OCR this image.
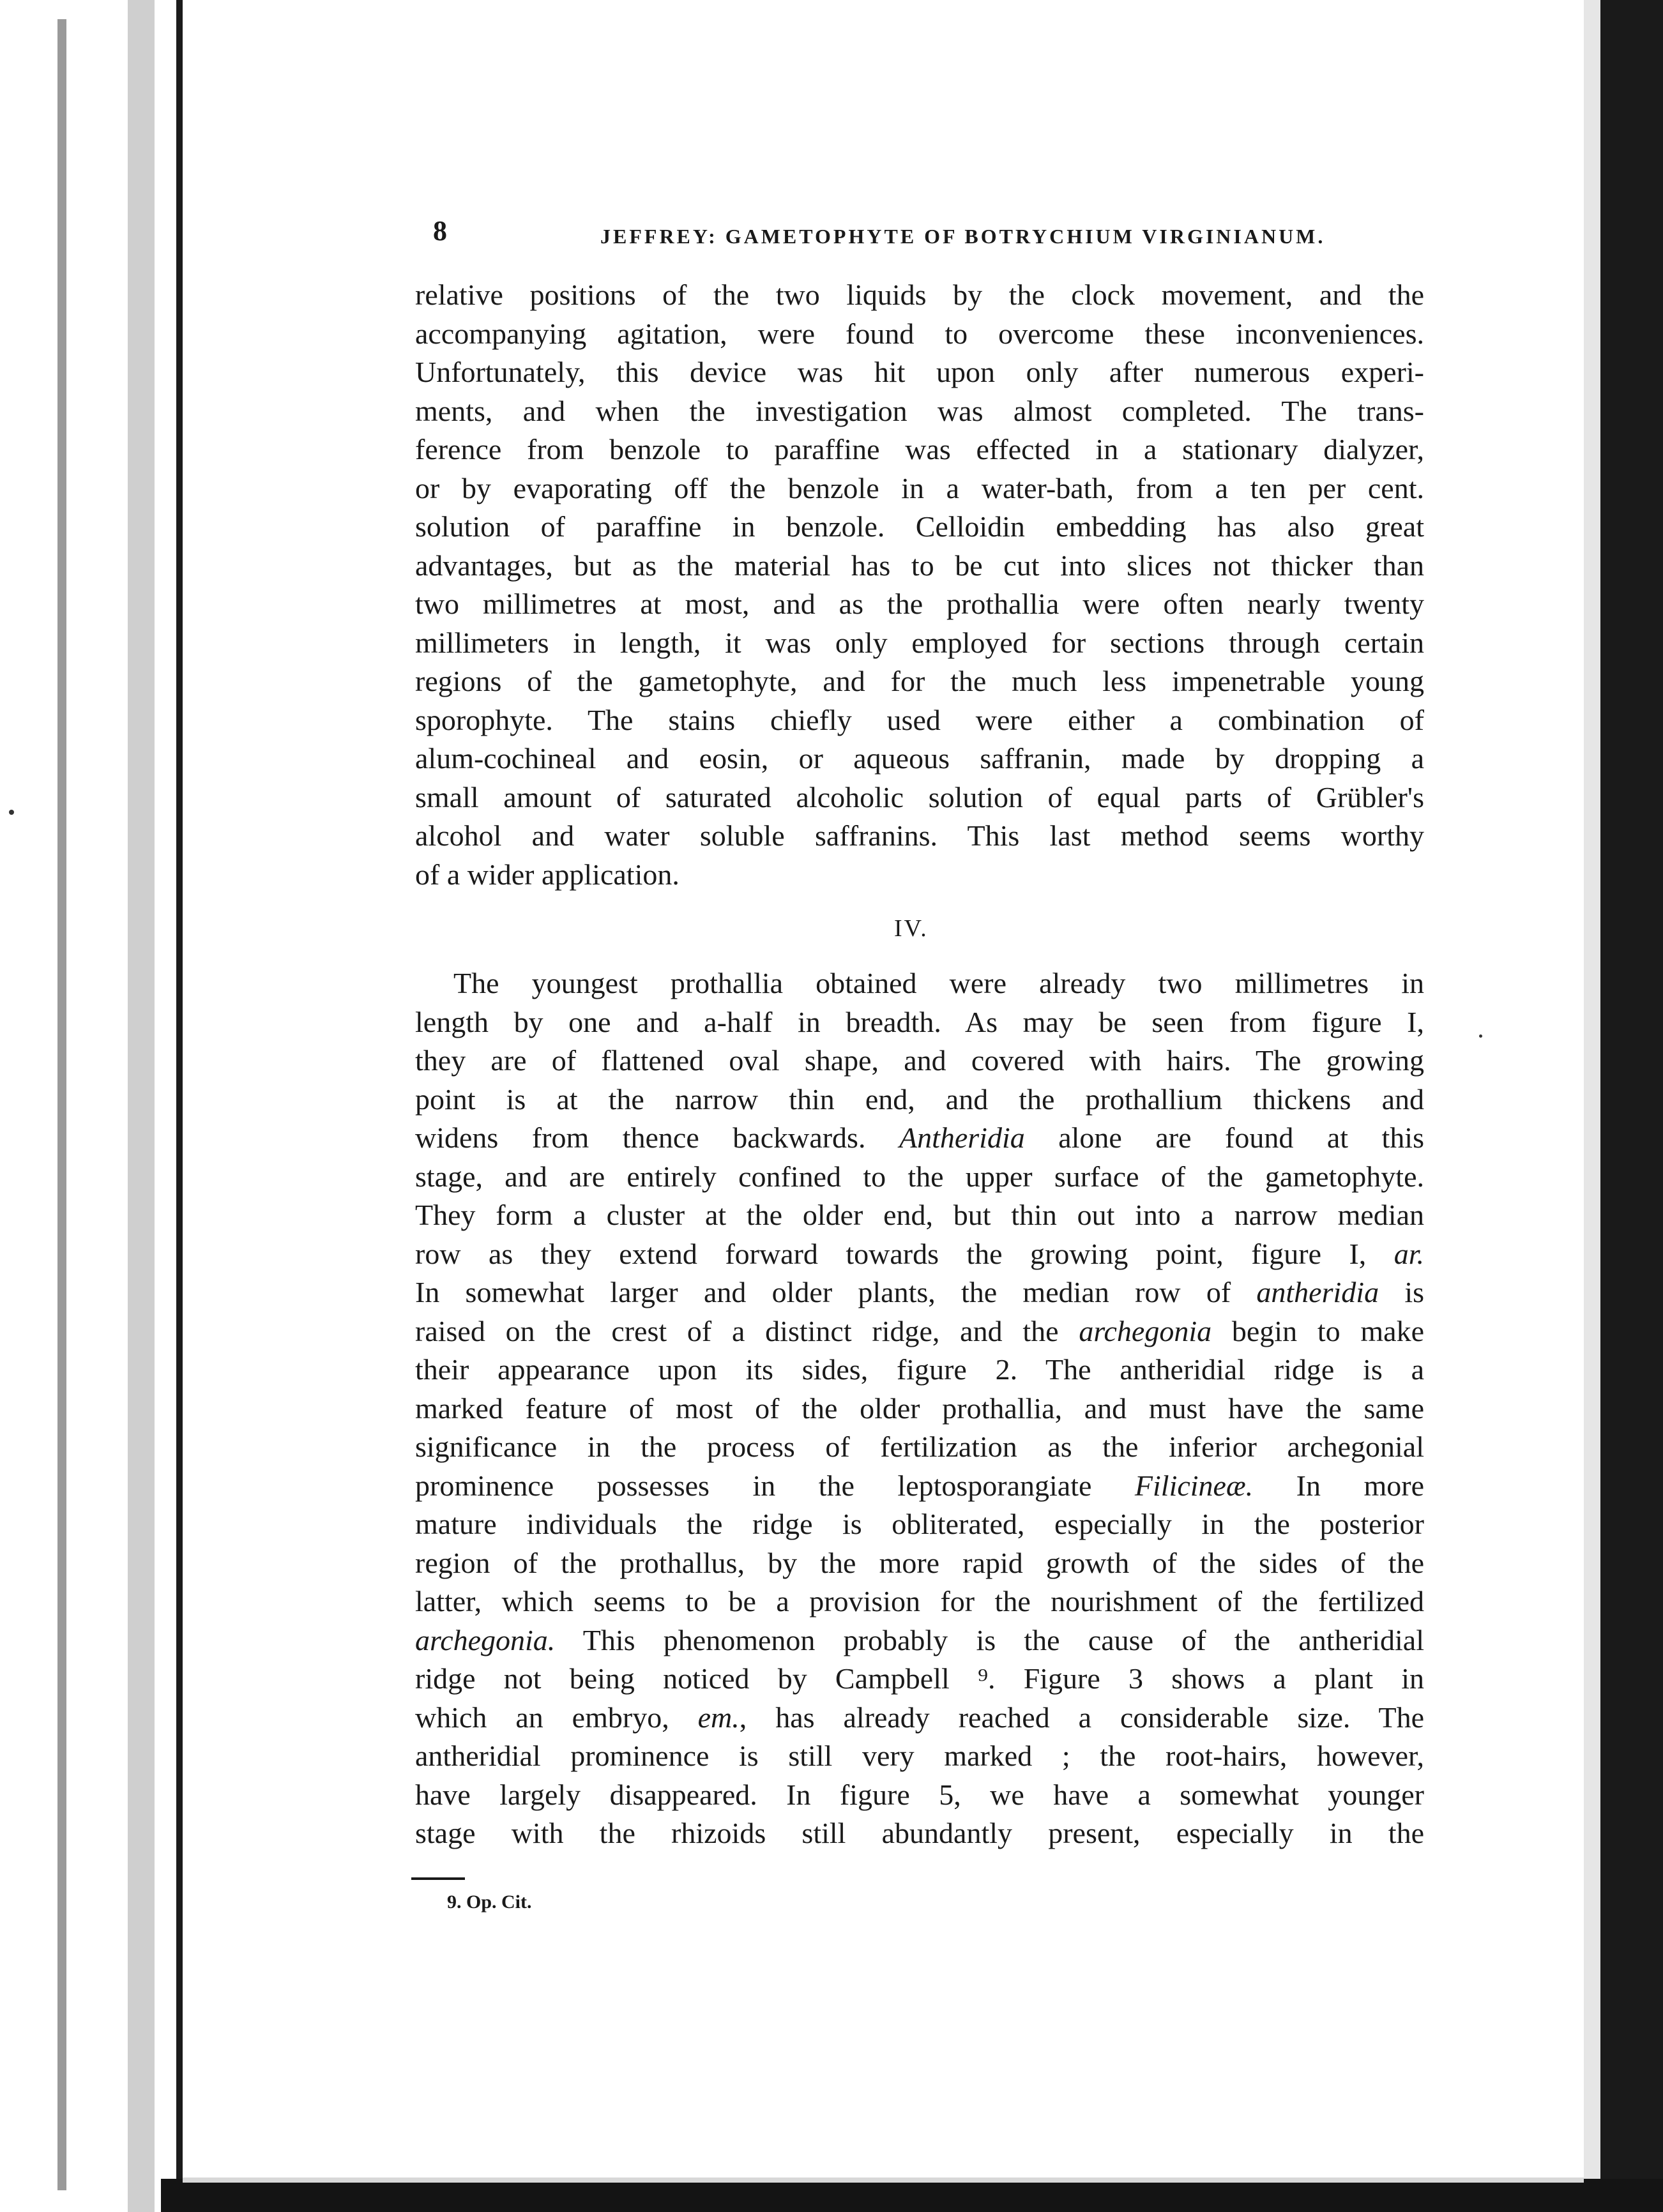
8	JEFFREY: GAMETOPHYTE OF BOTRYCHIUM VIRGINIANUM.
relative positions of the two liquids by the clock movement, and the
accompanying agitation, were found to overcome these inconveniences.
Unfortunately, this device was hit upon only after numerous experi-
ments, and when the investigation was almost completed. The trans-
ference from benzole to paraffine was effected in a stationary dialyzer,
or by evaporating off the benzole in a water-bath, from a ten per cent.
solution of paraffine in benzole. Celloidin embedding has also great
advantages, but as the material has to be cut into slices not thicker than
two millimetres at most, and as the prothallia were often nearly twenty
millimeters in length, it was only employed for sections through certain
regions of the gametophyte, and for the much less impenetrable young
sporophyte. The stains chiefly used were either a combination of
alum-cochineal and eosin, or aqueous saffranin, made by dropping a
small amount of saturated alcoholic solution of equal parts of Grübler's
alcohol and water soluble saffranins. This last method seems worthy
of a wider application.
IV.
The youngest prothallia obtained were already two millimetres in
length by one and a-half in breadth. As may be seen from figure I,
they are of flattened oval shape, and covered with hairs. The growing
point is at the narrow thin end, and the prothallium thickens and
widens from thence backwards. Antheridia alone are found at this
stage, and are entirely confined to the upper surface of the gametophyte.
They form a cluster at the older end, but thin out into a narrow median
row as they extend forward towards the growing point, figure I, ar.
In somewhat larger and older plants, the median row of antheridia is
raised on the crest of a distinct ridge, and the archegonia begin to make
their appearance upon its sides, figure 2. The antheridial ridge is a
marked feature of most of the older prothallia, and must have the same
significance in the process of fertilization as the inferior archegonial
prominence possesses in the leptosporangiate Filicineæ. In more
mature individuals the ridge is obliterated, especially in the posterior
region of the prothallus, by the more rapid growth of the sides of the
latter, which seems to be a provision for the nourishment of the fertilized
archegonia. This phenomenon probably is the cause of the antheridial
ridge not being noticed by Campbell ⁹. Figure 3 shows a plant in
which an embryo, em., has already reached a considerable size. The
antheridial prominence is still very marked ; the root-hairs, however,
have largely disappeared. In figure 5, we have a somewhat younger
stage with the rhizoids still abundantly present, especially in the
9. Op. Cit.
